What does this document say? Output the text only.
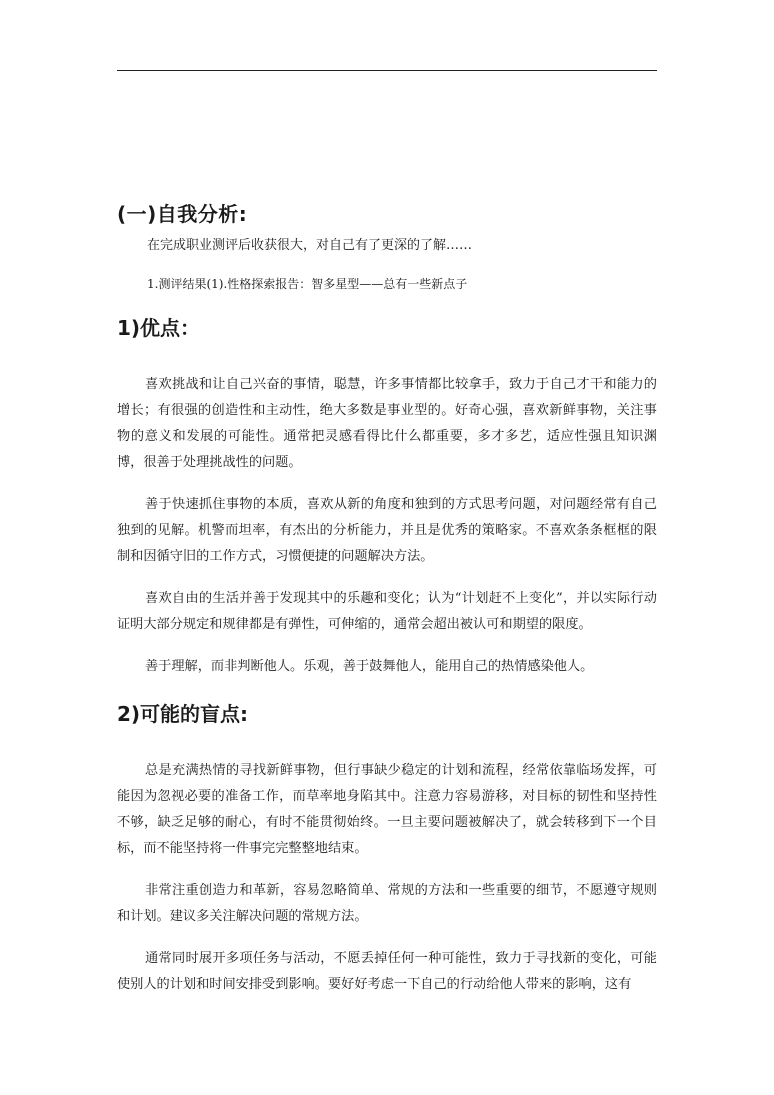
(一)自我分析:

在完成职业测评后收获很大，对自己有了更深的了解……

1.测评结果(1).性格探索报告：智多星型——总有一些新点子

1)优点：

喜欢挑战和让自己兴奋的事情，聪慧，许多事情都比较拿手，致力于自己才干和能力的增长；有很强的创造性和主动性，绝大多数是事业型的。好奇心强，喜欢新鲜事物，关注事物的意义和发展的可能性。通常把灵感看得比什么都重要，多才多艺，适应性强且知识渊博，很善于处理挑战性的问题。

善于快速抓住事物的本质，喜欢从新的角度和独到的方式思考问题，对问题经常有自己独到的见解。机警而坦率，有杰出的分析能力，并且是优秀的策略家。不喜欢条条框框的限制和因循守旧的工作方式，习惯便捷的问题解决方法。

喜欢自由的生活并善于发现其中的乐趣和变化；认为“计划赶不上变化”，并以实际行动证明大部分规定和规律都是有弹性，可伸缩的，通常会超出被认可和期望的限度。

善于理解，而非判断他人。乐观，善于鼓舞他人，能用自己的热情感染他人。

2)可能的盲点:

总是充满热情的寻找新鲜事物，但行事缺少稳定的计划和流程，经常依靠临场发挥，可能因为忽视必要的准备工作，而草率地身陷其中。注意力容易游移，对目标的韧性和坚持性不够，缺乏足够的耐心，有时不能贯彻始终。一旦主要问题被解决了，就会转移到下一个目标，而不能坚持将一件事完完整整地结束。

非常注重创造力和革新，容易忽略简单、常规的方法和一些重要的细节，不愿遵守规则和计划。建议多关注解决问题的常规方法。

通常同时展开多项任务与活动，不愿丢掉任何一种可能性，致力于寻找新的变化，可能使别人的计划和时间安排受到影响。要好好考虑一下自己的行动给他人带来的影响，这有
